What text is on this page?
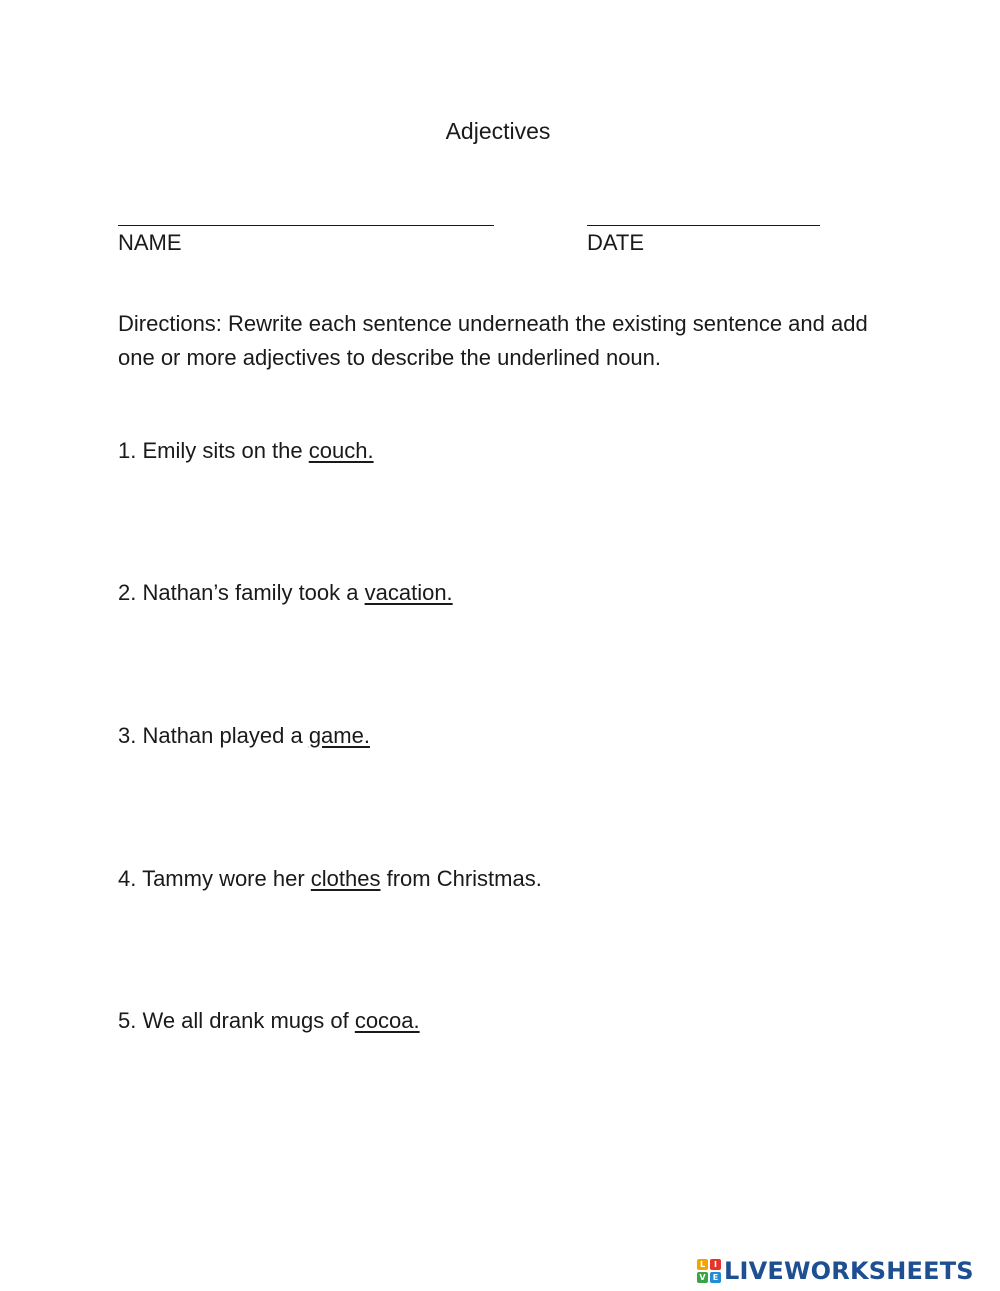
Adjectives
NAME	DATE
Directions: Rewrite each sentence underneath the existing sentence and add one or more adjectives to describe the underlined noun.
1. Emily sits on the couch.
2. Nathan’s family took a vacation.
3. Nathan played a game.
4. Tammy wore her clothes from Christmas.
5. We all drank mugs of cocoa.
L	I
V E LIVEWORKSHEETS
